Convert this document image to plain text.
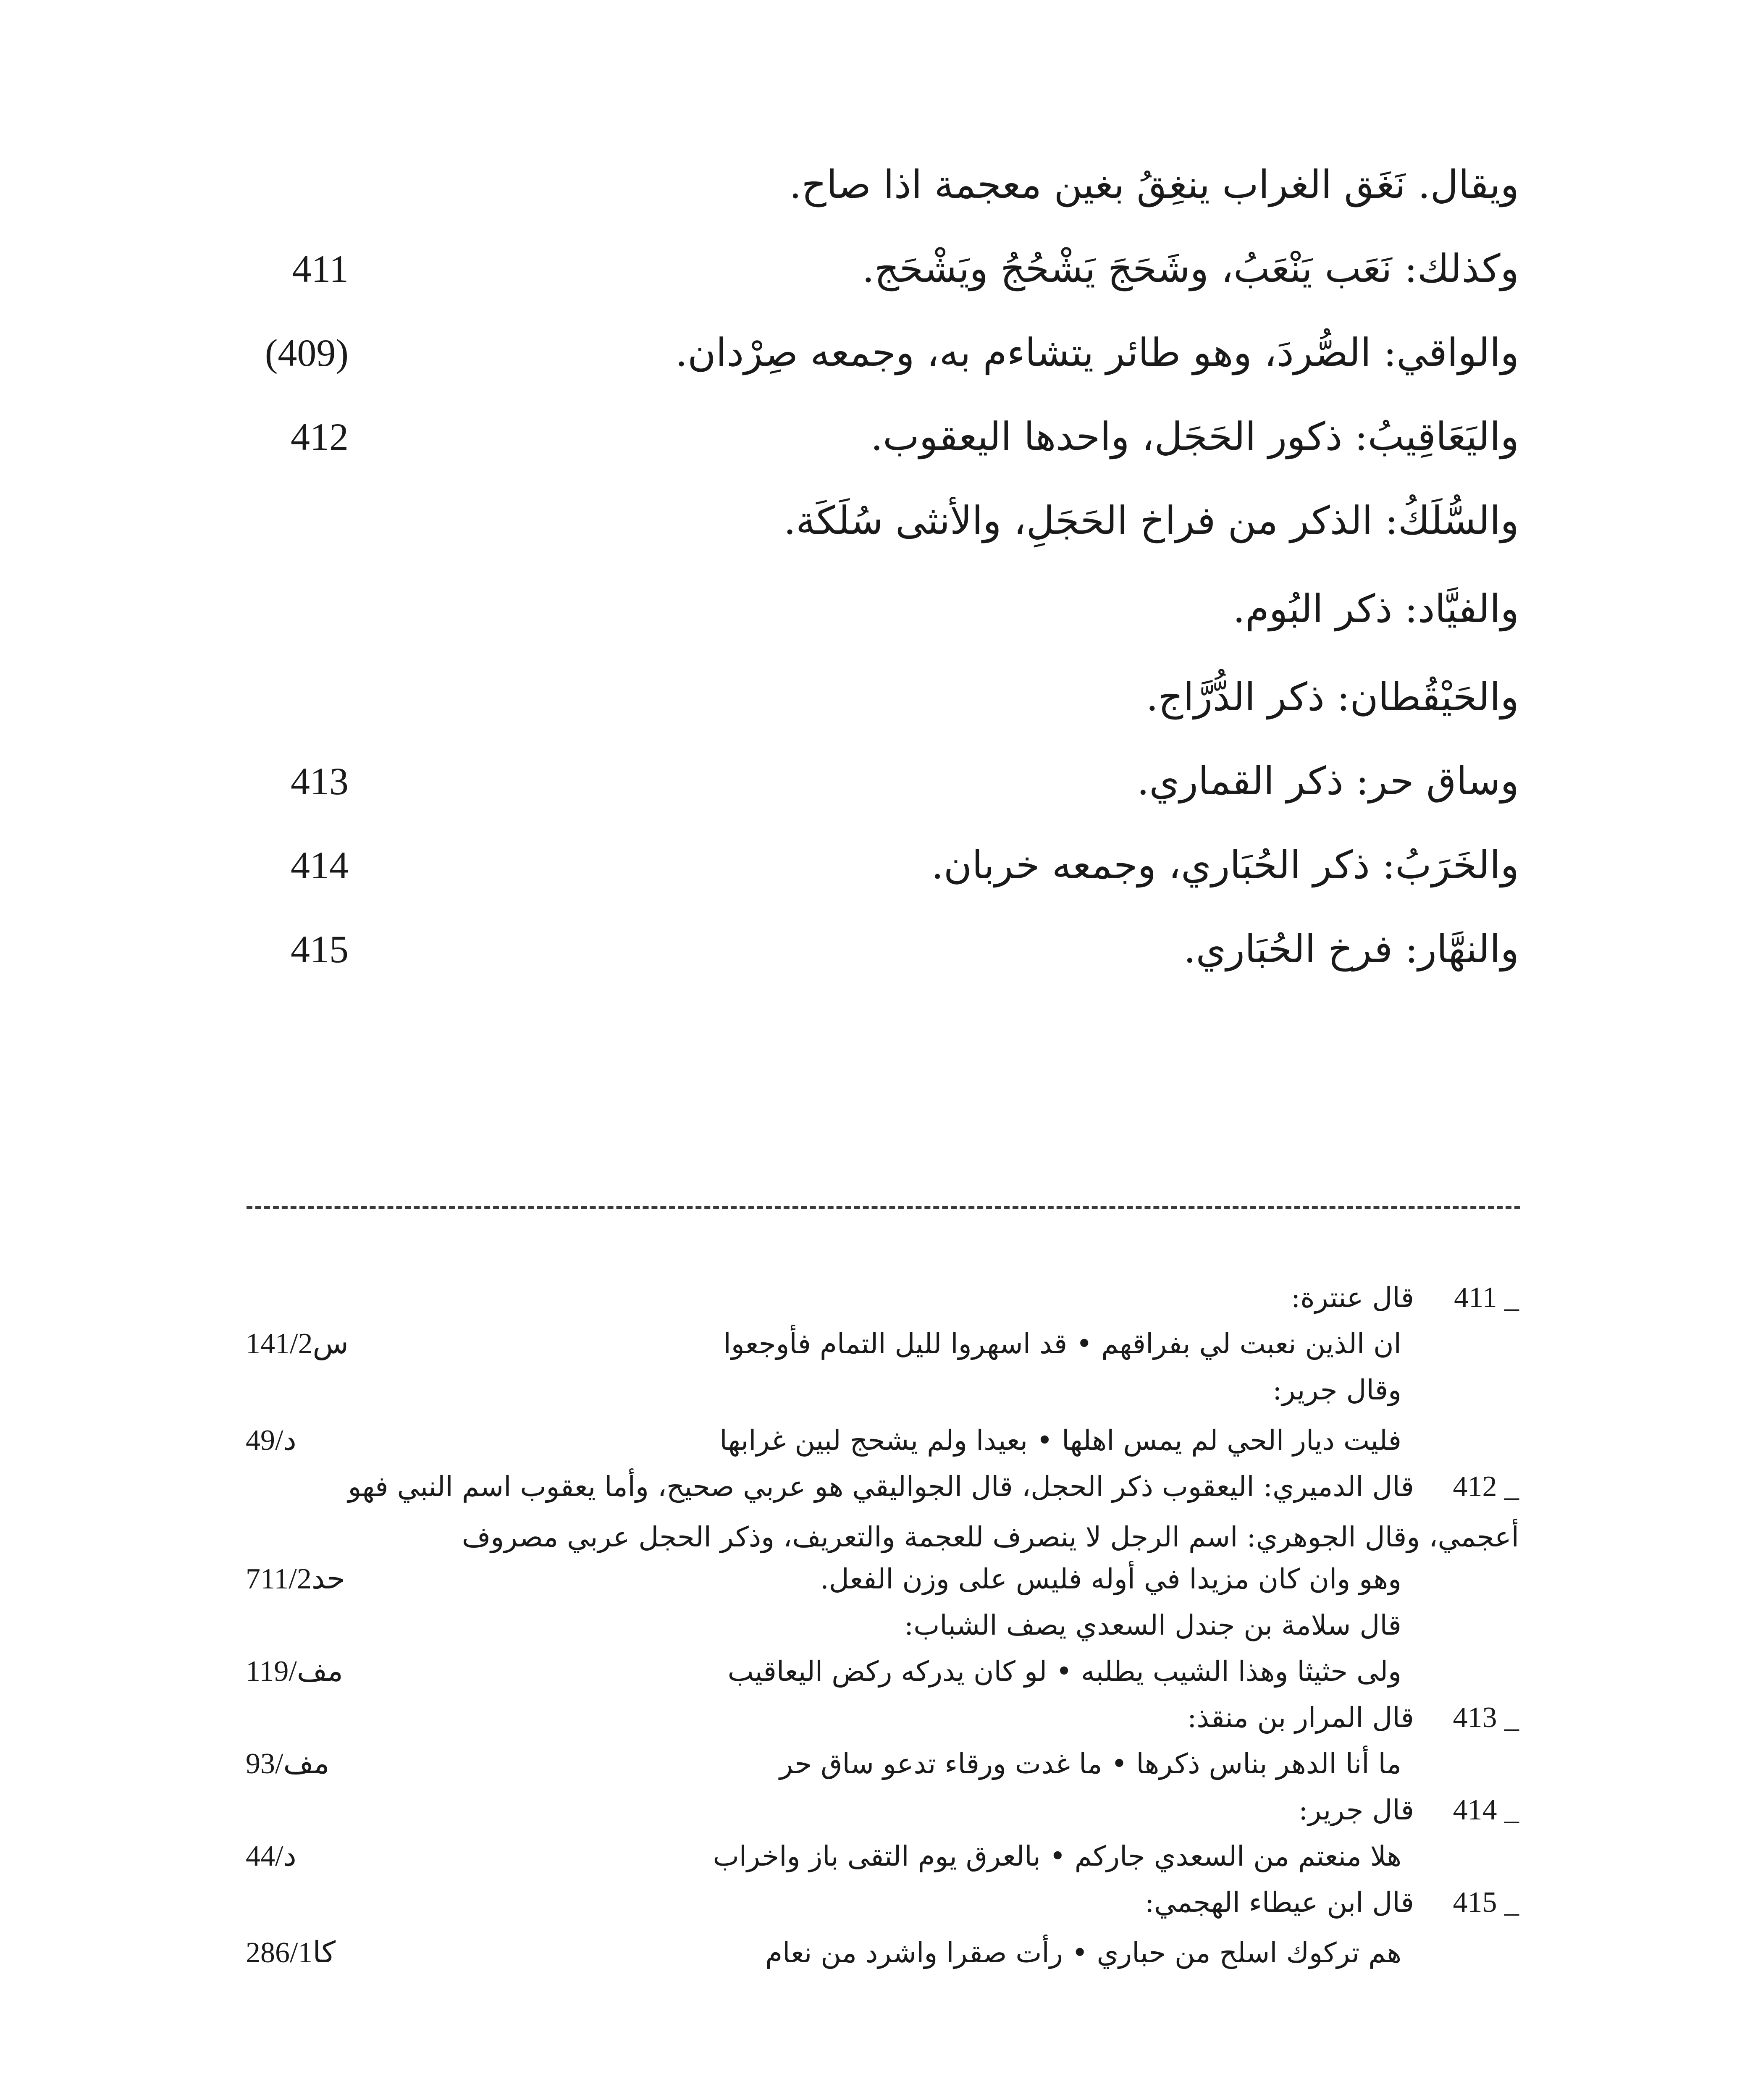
ويقال. نَغَق الغراب ينغِقُ بغين معجمة اذا صاح.
وكذلك: نَعَب يَنْعَبُ، وشَحَجَ يَشْحُجُ ويَشْحَج.
411
والواقي: الصُّردَ، وهو طائر يتشاءم به، وجمعه صِرْدان.
(409)
واليَعَاقِيبُ: ذكور الحَجَل، واحدها اليعقوب.
412
والسُّلَكُ: الذكر من فراخ الحَجَلِ، والأنثى سُلَكَة.
والفيَّاد: ذكر البُوم.
والحَيْقُطان: ذكر الدُّرَّاج.
وساق حر: ذكر القماري.
413
والخَرَبُ: ذكر الحُبَاري، وجمعه خربان.
414
والنهَّار: فرخ الحُبَاري.
415
411 _
قال عنترة:
ان الذين نعبت لي بفراقهم • قد اسهروا لليل التمام فأوجعوا
س141/2
وقال جرير:
فليت ديار الحي لم يمس اهلها • بعيدا ولم يشحج لبين غرابها
د/49
412 _
قال الدميري: اليعقوب ذكر الحجل، قال الجواليقي هو عربي صحيح، وأما يعقوب اسم النبي فهو
أعجمي، وقال الجوهري: اسم الرجل لا ينصرف للعجمة والتعريف، وذكر الحجل عربي مصروف
وهو وان كان مزيدا في أوله فليس على وزن الفعل.
حد711/2
قال سلامة بن جندل السعدي يصف الشباب:
ولى حثيثا وهذا الشيب يطلبه • لو كان يدركه ركض اليعاقيب
مف/119
413 _
قال المرار بن منقذ:
ما أنا الدهر بناس ذكرها • ما غدت ورقاء تدعو ساق حر
مف/93
414 _
قال جرير:
هلا منعتم من السعدي جاركم • بالعرق يوم التقى باز واخراب
د/44
415 _
قال ابن عيطاء الهجمي:
هم تركوك اسلح من حباري • رأت صقرا واشرد من نعام
كا286/1
